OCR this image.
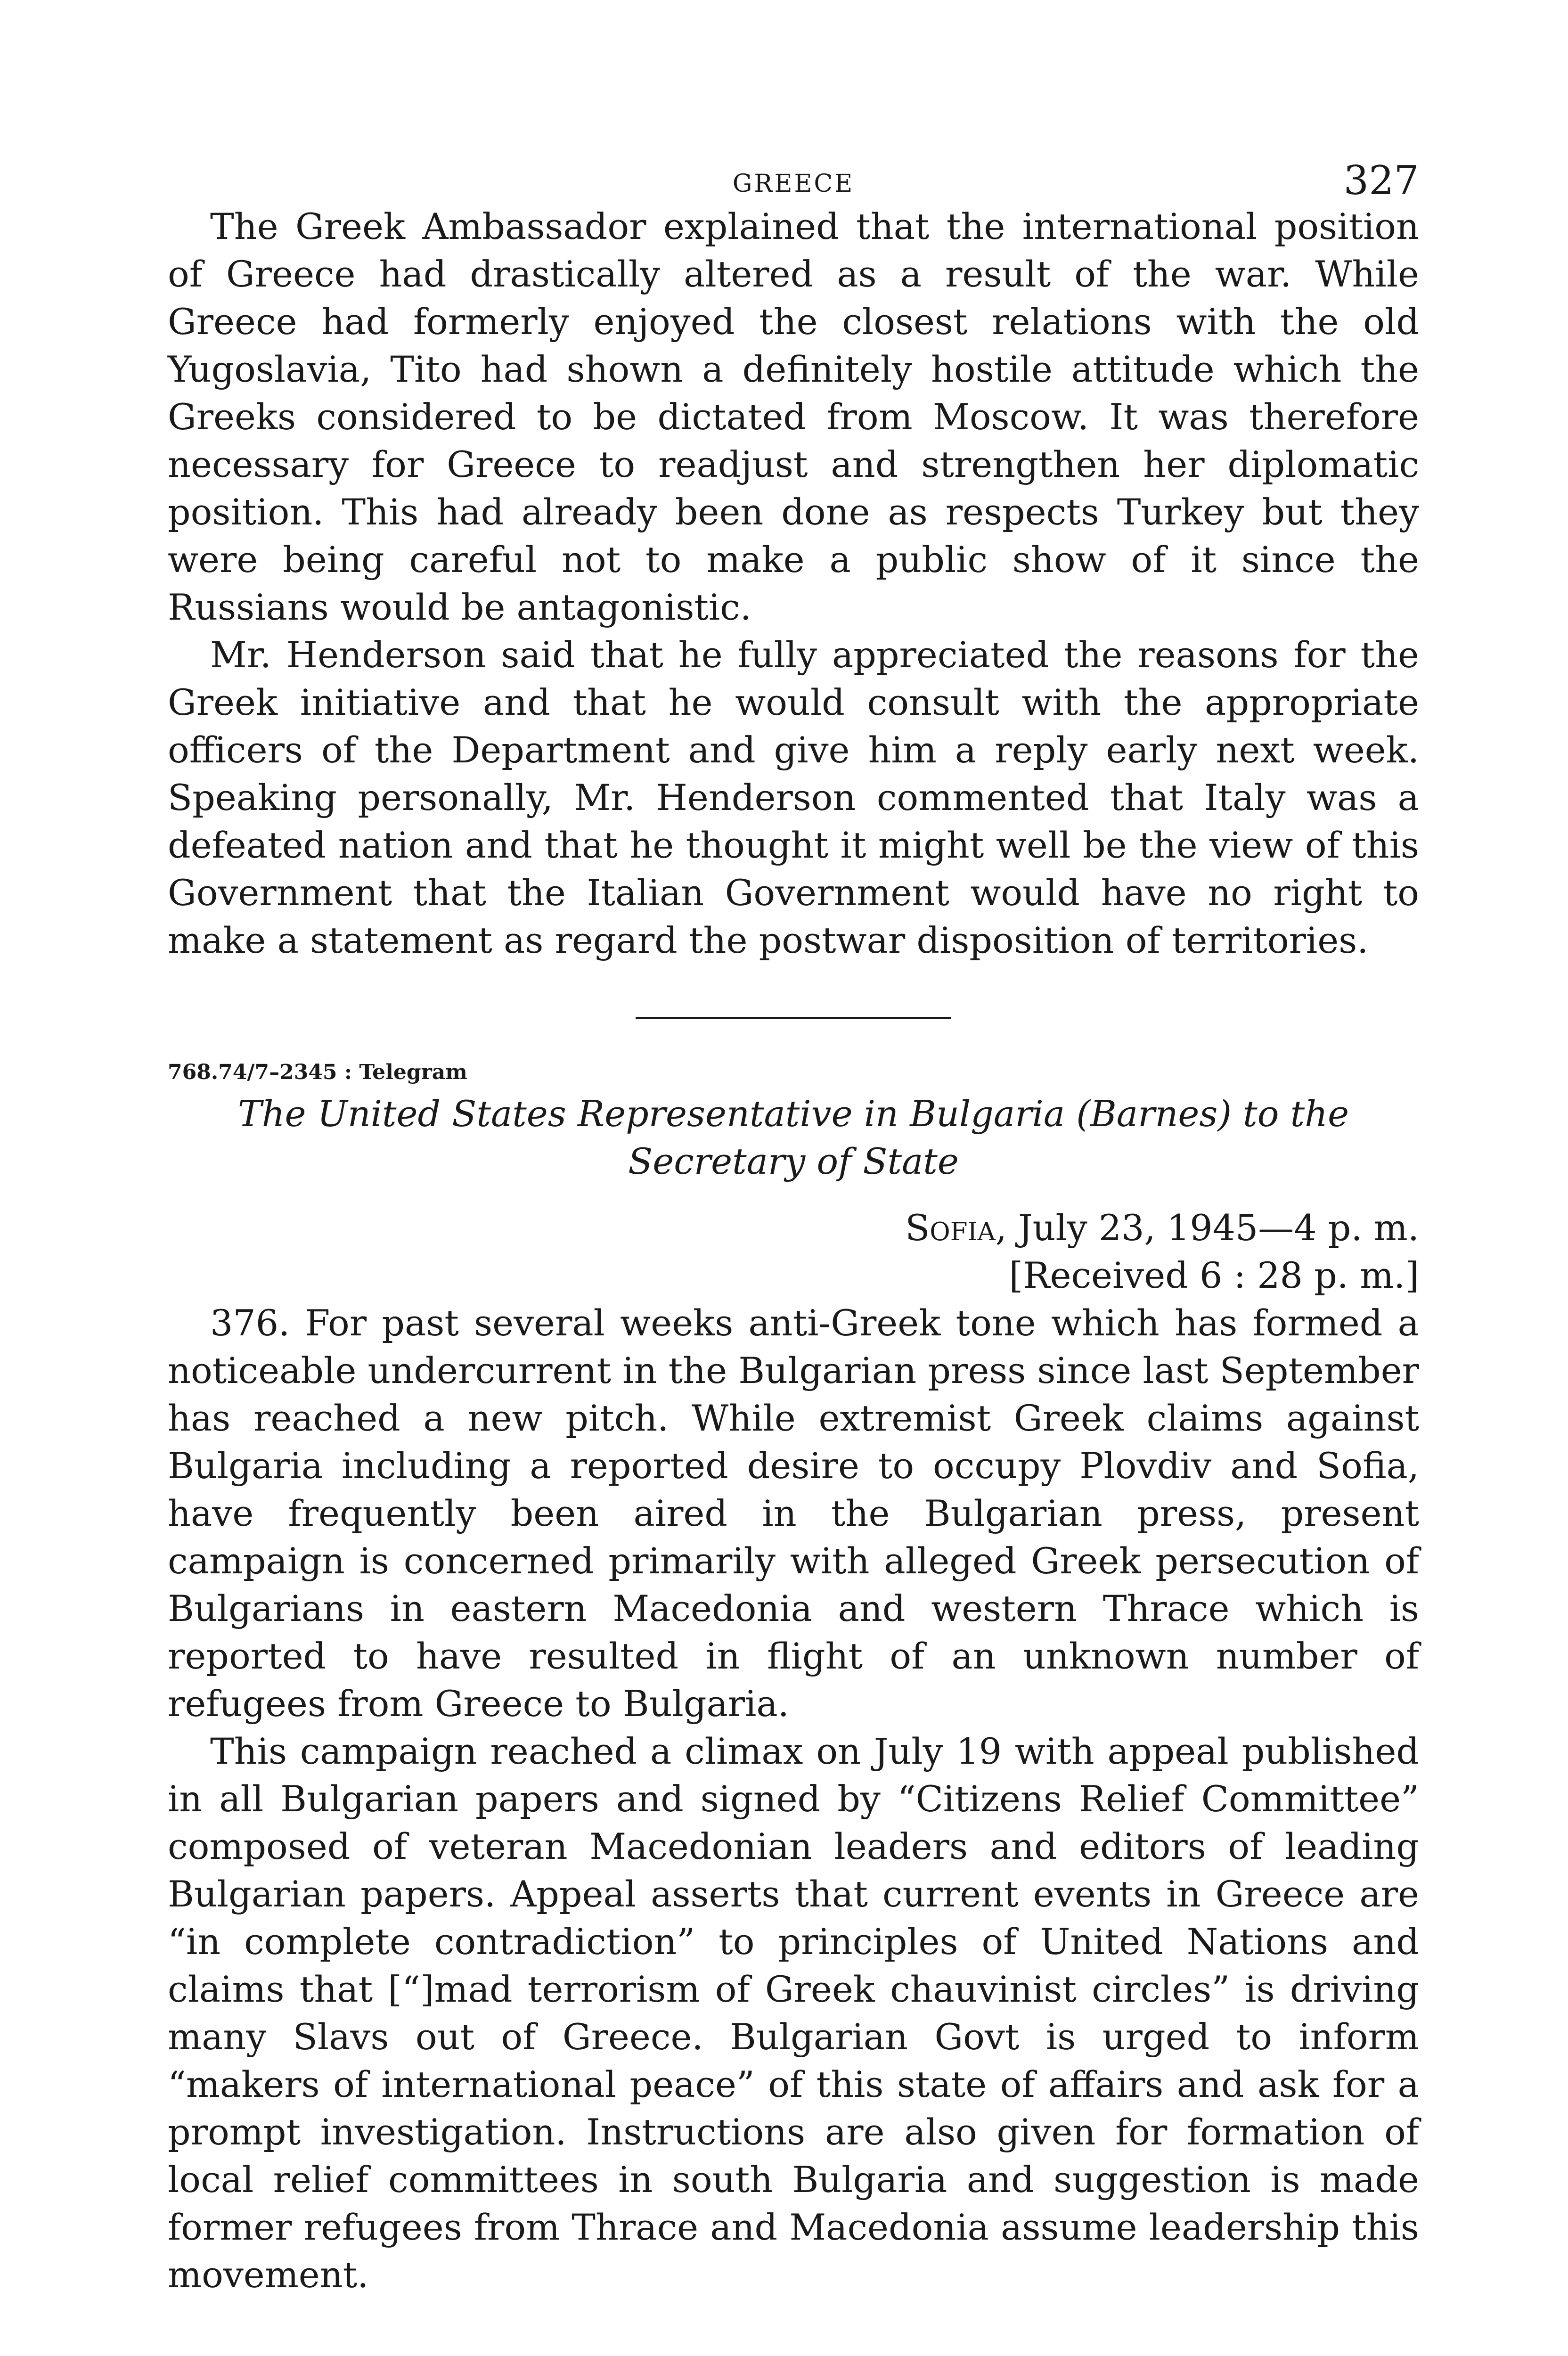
GREECE	327

The Greek Ambassador explained that the international position of Greece had drastically altered as a result of the war. While Greece had formerly enjoyed the closest relations with the old Yugoslavia, Tito had shown a definitely hostile attitude which the Greeks considered to be dictated from Moscow. It was therefore necessary for Greece to readjust and strengthen her diplomatic position. This had already been done as respects Turkey but they were being careful not to make a public show of it since the Russians would be antagonistic.

Mr. Henderson said that he fully appreciated the reasons for the Greek initiative and that he would consult with the appropriate officers of the Department and give him a reply early next week. Speaking personally, Mr. Henderson commented that Italy was a defeated nation and that he thought it might well be the view of this Government that the Italian Government would have no right to make a statement as regard the postwar disposition of territories.

768.74/7–2345 : Telegram
The United States Representative in Bulgaria (Barnes) to the
Secretary of State
Sofia, July 23, 1945—4 p. m.
[Received 6 : 28 p. m.]

376. For past several weeks anti-Greek tone which has formed a noticeable undercurrent in the Bulgarian press since last September has reached a new pitch. While extremist Greek claims against Bulgaria including a reported desire to occupy Plovdiv and Sofia, have frequently been aired in the Bulgarian press, present campaign is concerned primarily with alleged Greek persecution of Bulgarians in eastern Macedonia and western Thrace which is reported to have resulted in flight of an unknown number of refugees from Greece to Bulgaria.

This campaign reached a climax on July 19 with appeal published in all Bulgarian papers and signed by “Citizens Relief Committee” composed of veteran Macedonian leaders and editors of leading Bulgarian papers. Appeal asserts that current events in Greece are “in complete contradiction” to principles of United Nations and claims that [“]mad terrorism of Greek chauvinist circles” is driving many Slavs out of Greece. Bulgarian Govt is urged to inform “makers of international peace” of this state of affairs and ask for a prompt investigation. Instructions are also given for formation of local relief committees in south Bulgaria and suggestion is made former refugees from Thrace and Macedonia assume leadership this movement.
